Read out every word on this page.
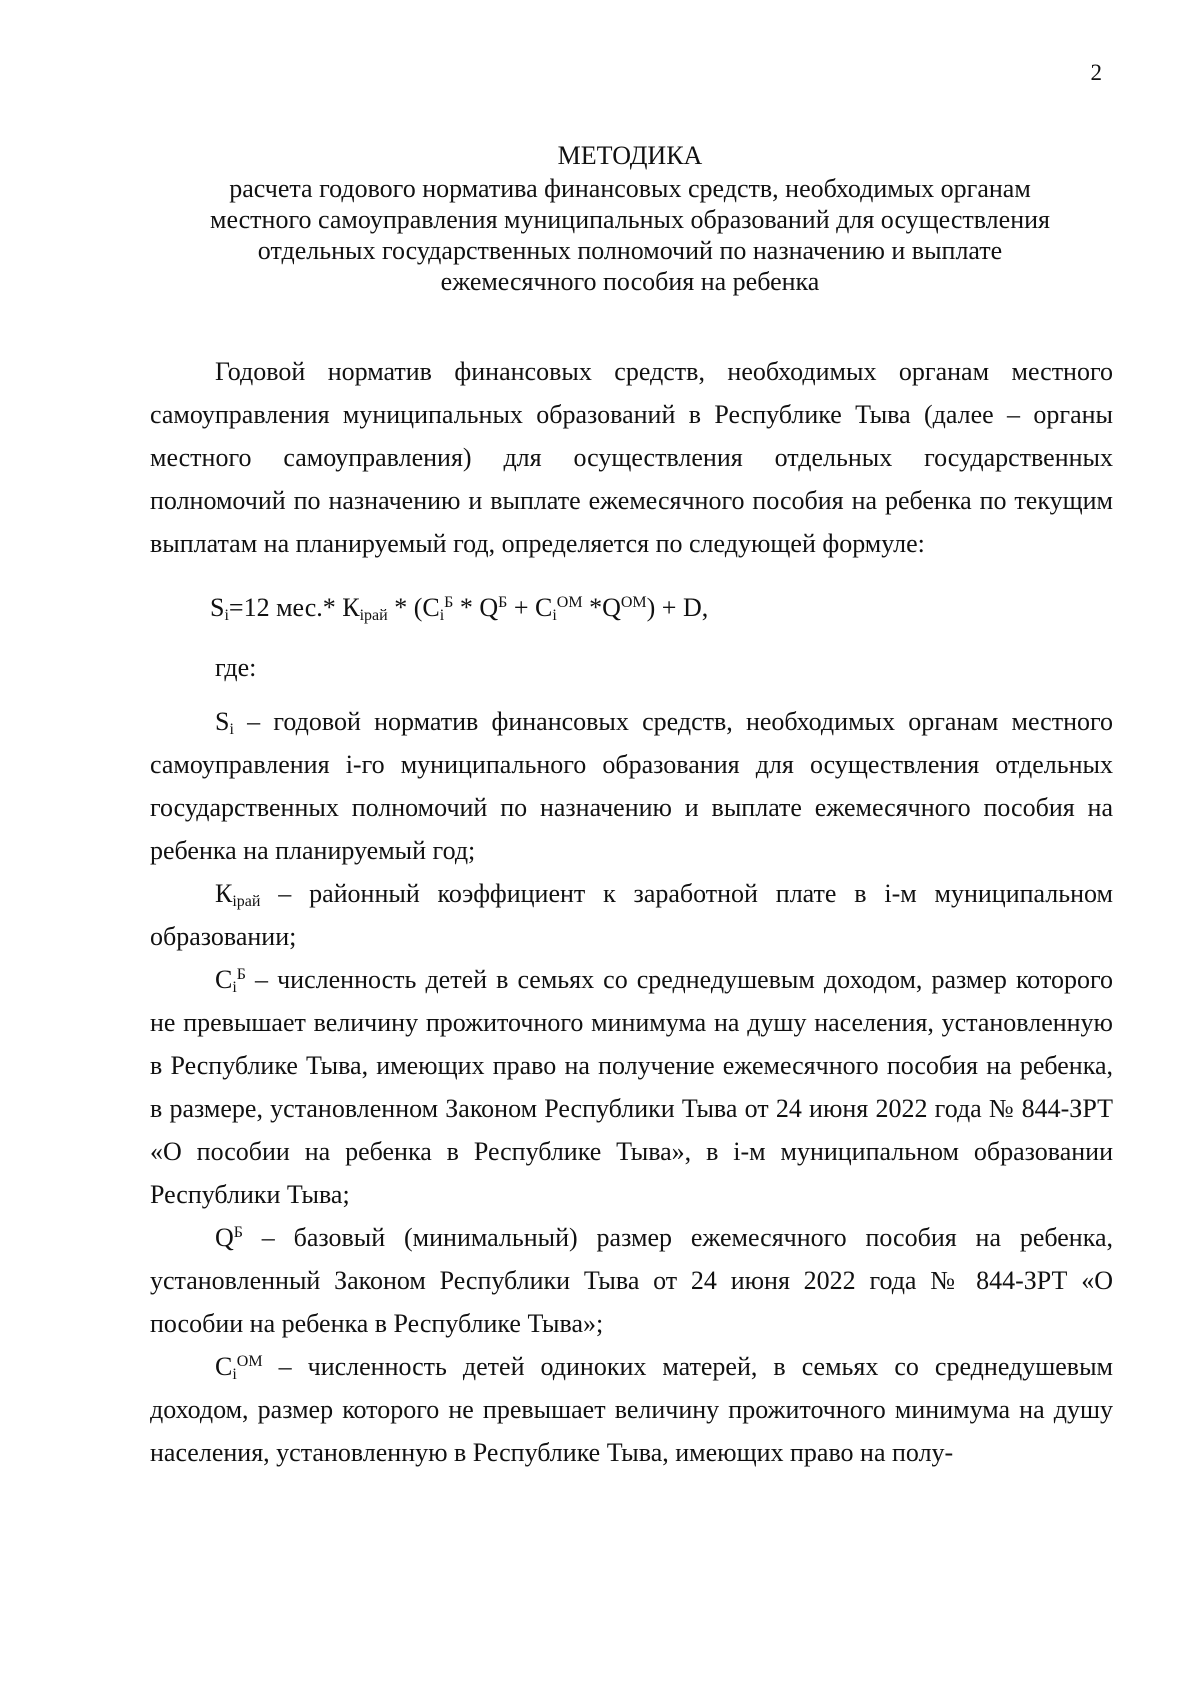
2

МЕТОДИКА

расчета годового норматива финансовых средств, необходимых органам

местного самоуправления муниципальных образований для осуществления

отдельных государственных полномочий по назначению и выплате

ежемесячного пособия на ребенка

Годовой норматив финансовых средств, необходимых органам местного самоуправления муниципальных образований в Республике Тыва (далее – органы местного самоуправления) для осуществления отдельных государственных полномочий по назначению и выплате ежемесячного пособия на ребенка по текущим выплатам на планируемый год, определяется по следующей формуле:

$S_i=12$ мес.* $К_{iрай} * (C_i^Б * Q^Б + C_i^{ОМ}$ $*Q^{ОМ}) + D$,

где:

$S_i$ – годовой норматив финансовых средств, необходимых органам местного самоуправления i-го муниципального образования для осуществления отдельных государственных полномочий по назначению и выплате ежемесячного пособия на ребенка на планируемый год;

$К_{iрай}$ – районный коэффициент к заработной плате в i-м муниципальном образовании;

$C_i^Б$ – численность детей в семьях со среднедушевым доходом, размер которого не превышает величину прожиточного минимума на душу населения, установленную в Республике Тыва, имеющих право на получение ежемесячного пособия на ребенка, в размере, установленном Законом Республики Тыва от 24 июня 2022 года № 844-ЗРТ «О пособии на ребенка в Республике Тыва», в i-м муниципальном образовании Республики Тыва;

$Q^Б$ – базовый (минимальный) размер ежемесячного пособия на ребенка, установленный Законом Республики Тыва от 24 июня 2022 года № 844-ЗРТ «О пособии на ребенка в Республике Тыва»;

$C_i^{ОМ}$ – численность детей одиноких матерей, в семьях со среднедушевым доходом, размер которого не превышает величину прожиточного минимума на душу населения, установленную в Республике Тыва, имеющих право на полу-
